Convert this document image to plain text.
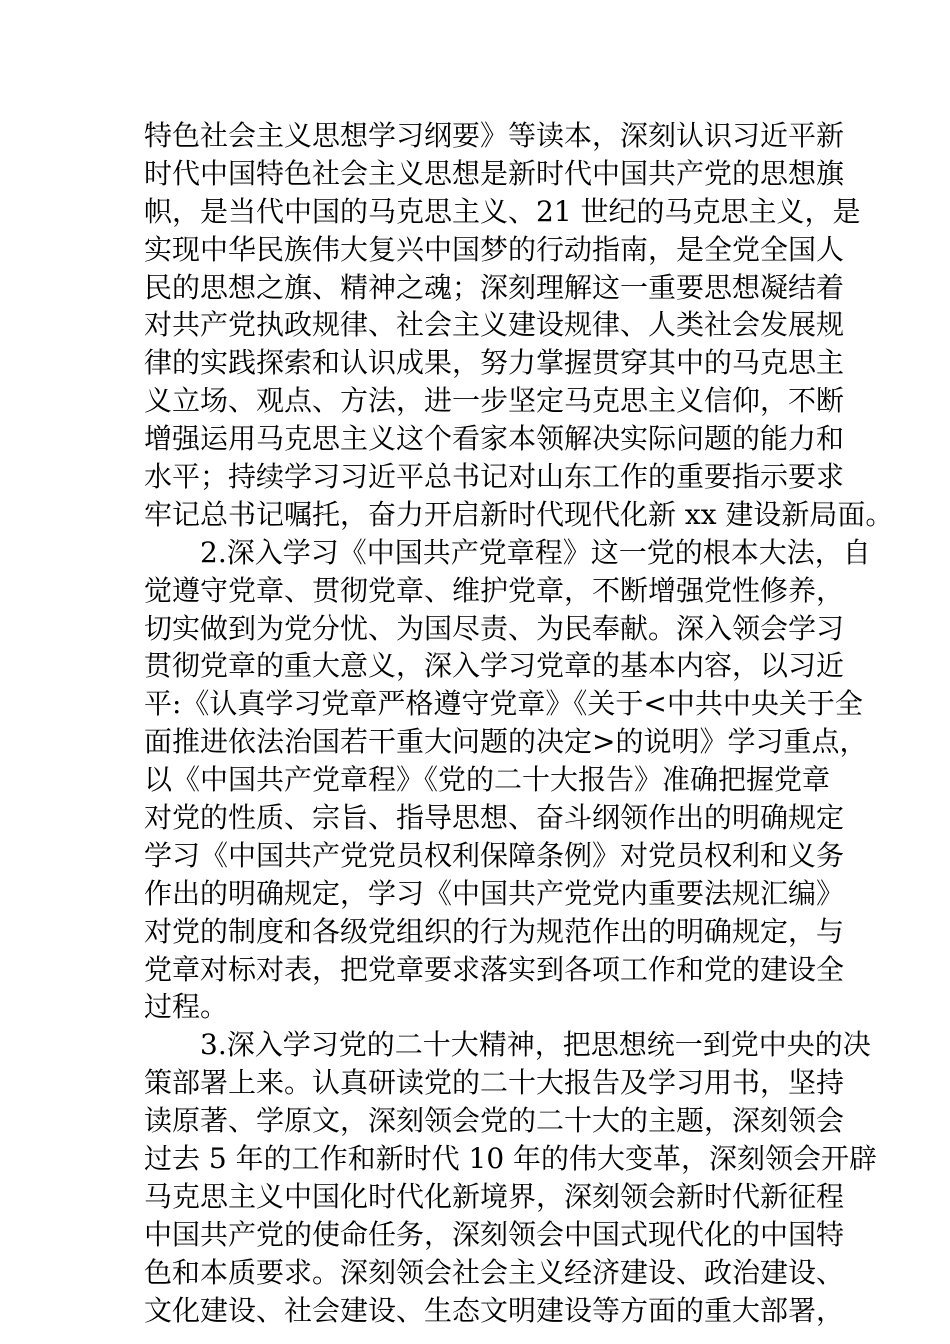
特色社会主义思想学习纲要》等读本，深刻认识习近平新
时代中国特色社会主义思想是新时代中国共产党的思想旗
帜，是当代中国的马克思主义、21 世纪的马克思主义，是
实现中华民族伟大复兴中国梦的行动指南，是全党全国人
民的思想之旗、精神之魂；深刻理解这一重要思想凝结着
对共产党执政规律、社会主义建设规律、人类社会发展规
律的实践探索和认识成果，努力掌握贯穿其中的马克思主
义立场、观点、方法，进一步坚定马克思主义信仰，不断
增强运用马克思主义这个看家本领解决实际问题的能力和
水平；持续学习习近平总书记对山东工作的重要指示要求
牢记总书记嘱托，奋力开启新时代现代化新 xx 建设新局面。
2.深入学习《中国共产党章程》这一党的根本大法，自
觉遵守党章、贯彻党章、维护党章，不断增强党性修养，
切实做到为党分忧、为国尽责、为民奉献。深入领会学习
贯彻党章的重大意义，深入学习党章的基本内容，以习近
平:《认真学习党章严格遵守党章》《关于<中共中央关于全
面推进依法治国若干重大问题的决定>的说明》学习重点，
以《中国共产党章程》《党的二十大报告》准确把握党章
对党的性质、宗旨、指导思想、奋斗纲领作出的明确规定
学习《中国共产党党员权利保障条例》对党员权利和义务
作出的明确规定，学习《中国共产党党内重要法规汇编》
对党的制度和各级党组织的行为规范作出的明确规定，与
党章对标对表，把党章要求落实到各项工作和党的建设全
过程。
3.深入学习党的二十大精神，把思想统一到党中央的决
策部署上来。认真研读党的二十大报告及学习用书，坚持
读原著、学原文，深刻领会党的二十大的主题，深刻领会
过去 5 年的工作和新时代 10 年的伟大变革，深刻领会开辟
马克思主义中国化时代化新境界，深刻领会新时代新征程
中国共产党的使命任务，深刻领会中国式现代化的中国特
色和本质要求。深刻领会社会主义经济建设、政治建设、
文化建设、社会建设、生态文明建设等方面的重大部署，
